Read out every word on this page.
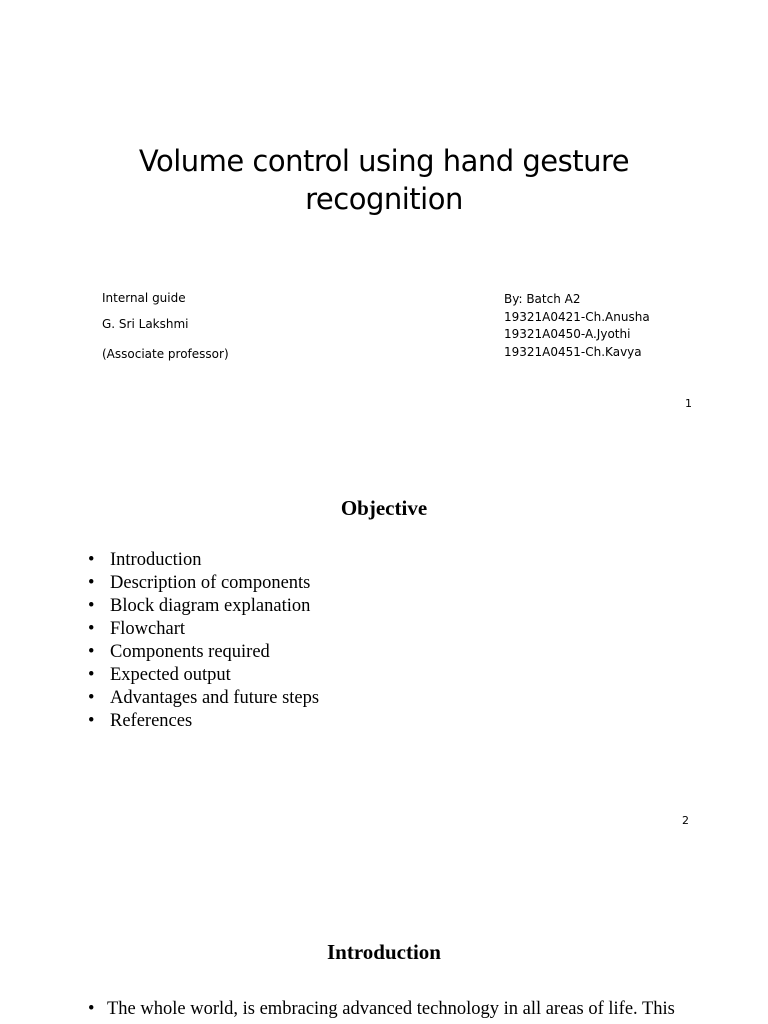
Volume control using hand gesture
recognition
Internal guide
G. Sri Lakshmi
(Associate professor)
By: Batch A2
19321A0421-Ch.Anusha
19321A0450-A.Jyothi
19321A0451-Ch.Kavya
1
Objective
• Introduction
• Description of components
• Block diagram explanation
• Flowchart
• Components required
• Expected output
• Advantages and future steps
• References
2
Introduction
• The whole world, is embracing advanced technology in all areas of life. This
